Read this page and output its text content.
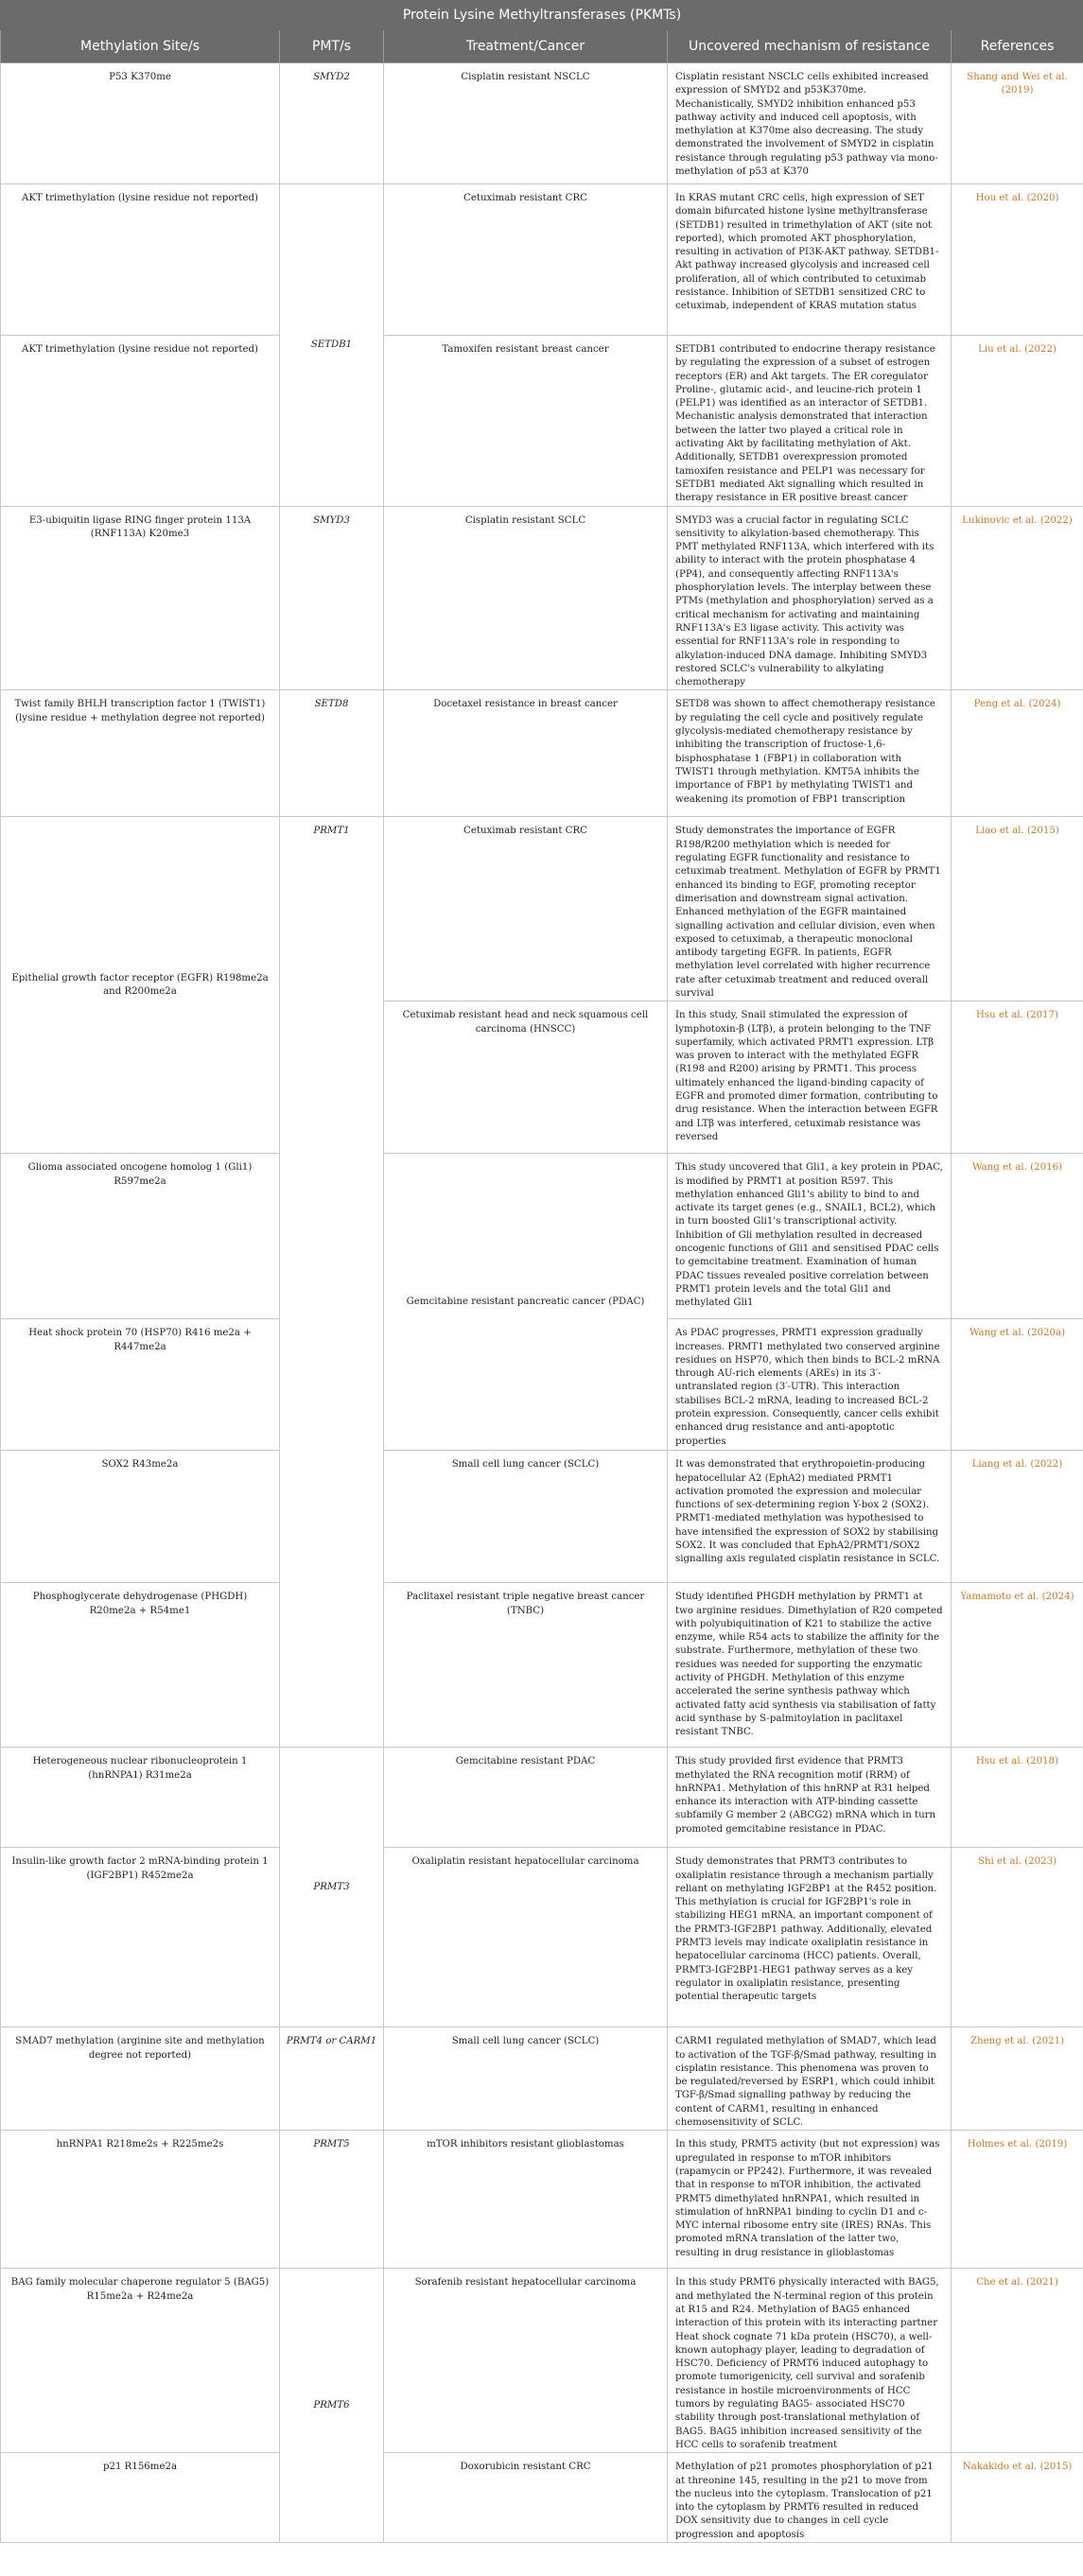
Protein Lysine Methyltransferases (PKMTs)				
Methylation Site/s	PMT/s	Treatment/Cancer	Uncovered mechanism of resistance	References
P53 K370me	SMYD2	Cisplatin resistant NSCLC	Cisplatin resistant NSCLC cells exhibited increased expression of SMYD2 and p53K370me. Mechanistically, SMYD2 inhibition enhanced p53 pathway activity and induced cell apoptosis, with methylation at K370me also decreasing. The study demonstrated the involvement of SMYD2 in cisplatin resistance through regulating p53 pathway via mono-methylation of p53 at K370	Shang and Wei et al. (2019)
AKT trimethylation (lysine residue not reported)	SETDB1	Cetuximab resistant CRC	In KRAS mutant CRC cells, high expression of SET domain bifurcated histone lysine methyltransferase (SETDB1) resulted in trimethylation of AKT (site not reported), which promoted AKT phosphorylation, resulting in activation of PI3K-AKT pathway. SETDB1-Akt pathway increased glycolysis and increased cell proliferation, all of which contributed to cetuximab resistance. Inhibition of SETDB1 sensitized CRC to cetuximab, independent of KRAS mutation status	Hou et al. (2020)
AKT trimethylation (lysine residue not reported)		Tamoxifen resistant breast cancer	SETDB1 contributed to endocrine therapy resistance by regulating the expression of a subset of estrogen receptors (ER) and Akt targets. The ER coregulator Proline-, glutamic acid-, and leucine-rich protein 1 (PELP1) was identified as an interactor of SETDB1. Mechanistic analysis demonstrated that interaction between the latter two played a critical role in activating Akt by facilitating methylation of Akt. Additionally, SETDB1 overexpression promoted tamoxifen resistance and PELP1 was necessary for SETDB1 mediated Akt signalling which resulted in therapy resistance in ER positive breast cancer	Liu et al. (2022)
E3-ubiquitin ligase RING finger protein 113A (RNF113A) K20me3	SMYD3	Cisplatin resistant SCLC	SMYD3 was a crucial factor in regulating SCLC sensitivity to alkylation-based chemotherapy. This PMT methylated RNF113A, which interfered with its ability to interact with the protein phosphatase 4 (PP4), and consequently affecting RNF113A's phosphorylation levels. The interplay between these PTMs (methylation and phosphorylation) served as a critical mechanism for activating and maintaining RNF113A's E3 ligase activity. This activity was essential for RNF113A's role in responding to alkylation-induced DNA damage. Inhibiting SMYD3 restored SCLC's vulnerability to alkylating chemotherapy	Lukinovic et al. (2022)
Twist family BHLH transcription factor 1 (TWIST1) (lysine residue + methylation degree not reported)	SETD8	Docetaxel resistance in breast cancer	SETD8 was shown to affect chemotherapy resistance by regulating the cell cycle and positively regulate glycolysis-mediated chemotherapy resistance by inhibiting the transcription of fructose-1,6-bisphosphatase 1 (FBP1) in collaboration with TWIST1 through methylation. KMT5A inhibits the importance of FBP1 by methylating TWIST1 and weakening its promotion of FBP1 transcription	Peng et al. (2024)
Epithelial growth factor receptor (EGFR) R198me2a and R200me2a	PRMT1	Cetuximab resistant CRC	Study demonstrates the importance of EGFR R198/R200 methylation which is needed for regulating EGFR functionality and resistance to cetuximab treatment. Methylation of EGFR by PRMT1 enhanced its binding to EGF, promoting receptor dimerisation and downstream signal activation. Enhanced methylation of the EGFR maintained signalling activation and cellular division, even when exposed to cetuximab, a therapeutic monoclonal antibody targeting EGFR. In patients, EGFR methylation level correlated with higher recurrence rate after cetuximab treatment and reduced overall survival	Liao et al. (2015)
		Cetuximab resistant head and neck squamous cell carcinoma (HNSCC)	In this study, Snail stimulated the expression of lymphotoxin-β (LTβ), a protein belonging to the TNF superfamily, which activated PRMT1 expression. LTβ was proven to interact with the methylated EGFR (R198 and R200) arising by PRMT1. This process ultimately enhanced the ligand-binding capacity of EGFR and promoted dimer formation, contributing to drug resistance. When the interaction between EGFR and LTβ was interfered, cetuximab resistance was reversed	Hsu et al. (2017)
Glioma associated oncogene homolog 1 (Gli1) R597me2a		Gemcitabine resistant pancreatic cancer (PDAC)	This study uncovered that Gli1, a key protein in PDAC, is modified by PRMT1 at position R597. This methylation enhanced Gli1's ability to bind to and activate its target genes (e.g., SNAIL1, BCL2), which in turn boosted Gli1's transcriptional activity. Inhibition of Gli methylation resulted in decreased oncogenic functions of Gli1 and sensitised PDAC cells to gemcitabine treatment. Examination of human PDAC tissues revealed positive correlation between PRMT1 protein levels and the total Gli1 and methylated Gli1	Wang et al. (2016)
Heat shock protein 70 (HSP70) R416 me2a + R447me2a			As PDAC progresses, PRMT1 expression gradually increases. PRMT1 methylated two conserved arginine residues on HSP70, which then binds to BCL-2 mRNA through AU-rich elements (AREs) in its 3′-untranslated region (3′-UTR). This interaction stabilises BCL-2 mRNA, leading to increased BCL-2 protein expression. Consequently, cancer cells exhibit enhanced drug resistance and anti-apoptotic properties	Wang et al. (2020a)
SOX2 R43me2a		Small cell lung cancer (SCLC)	It was demonstrated that erythropoietin-producing hepatocellular A2 (EphA2) mediated PRMT1 activation promoted the expression and molecular functions of sex-determining region Y-box 2 (SOX2). PRMT1-mediated methylation was hypothesised to have intensified the expression of SOX2 by stabilising SOX2. It was concluded that EphA2/PRMT1/SOX2 signalling axis regulated cisplatin resistance in SCLC.	Liang et al. (2022)
Phosphoglycerate dehydrogenase (PHGDH) R20me2a + R54me1		Paclitaxel resistant triple negative breast cancer (TNBC)	Study identified PHGDH methylation by PRMT1 at two arginine residues. Dimethylation of R20 competed with polyubiquitination of K21 to stabilize the active enzyme, while R54 acts to stabilize the affinity for the substrate. Furthermore, methylation of these two residues was needed for supporting the enzymatic activity of PHGDH. Methylation of this enzyme accelerated the serine synthesis pathway which activated fatty acid synthesis via stabilisation of fatty acid synthase by S-palmitoylation in paclitaxel resistant TNBC.	Yamamoto et al. (2024)
Heterogeneous nuclear ribonucleoprotein 1 (hnRNPA1) R31me2a	PRMT3	Gemcitabine resistant PDAC	This study provided first evidence that PRMT3 methylated the RNA recognition motif (RRM) of hnRNPA1. Methylation of this hnRNP at R31 helped enhance its interaction with ATP-binding cassette subfamily G member 2 (ABCG2) mRNA which in turn promoted gemcitabine resistance in PDAC.	Hsu et al. (2018)
Insulin-like growth factor 2 mRNA-binding protein 1 (IGF2BP1) R452me2a		Oxaliplatin resistant hepatocellular carcinoma	Study demonstrates that PRMT3 contributes to oxaliplatin resistance through a mechanism partially reliant on methylating IGF2BP1 at the R452 position. This methylation is crucial for IGF2BP1's role in stabilizing HEG1 mRNA, an important component of the PRMT3-IGF2BP1 pathway. Additionally, elevated PRMT3 levels may indicate oxaliplatin resistance in hepatocellular carcinoma (HCC) patients. Overall, PRMT3-IGF2BP1-HEG1 pathway serves as a key regulator in oxaliplatin resistance, presenting potential therapeutic targets	Shi et al. (2023)
SMAD7 methylation (arginine site and methylation degree not reported)	PRMT4 or CARM1	Small cell lung cancer (SCLC)	CARM1 regulated methylation of SMAD7, which lead to activation of the TGF-β/Smad pathway, resulting in cisplatin resistance. This phenomena was proven to be regulated/reversed by ESRP1, which could inhibit TGF-β/Smad signalling pathway by reducing the content of CARM1, resulting in enhanced chemosensitivity of SCLC.	Zheng et al. (2021)
hnRNPA1 R218me2s + R225me2s	PRMT5	mTOR inhibitors resistant glioblastomas	In this study, PRMT5 activity (but not expression) was upregulated in response to mTOR inhibitors (rapamycin or PP242). Furthermore, it was revealed that in response to mTOR inhibition, the activated PRMT5 dimethylated hnRNPA1, which resulted in stimulation of hnRNPA1 binding to cyclin D1 and c-MYC internal ribosome entry site (IRES) RNAs. This promoted mRNA translation of the latter two, resulting in drug resistance in glioblastomas	Holmes et al. (2019)
BAG family molecular chaperone regulator 5 (BAG5) R15me2a + R24me2a	PRMT6	Sorafenib resistant hepatocellular carcinoma	In this study PRMT6 physically interacted with BAG5, and methylated the N-terminal region of this protein at R15 and R24. Methylation of BAG5 enhanced interaction of this protein with its interacting partner Heat shock cognate 71 kDa protein (HSC70), a well- known autophagy player, leading to degradation of HSC70. Deficiency of PRMT6 induced autophagy to promote tumorigenicity, cell survival and sorafenib resistance in hostile microenvironments of HCC tumors by regulating BAG5- associated HSC70 stability through post-translational methylation of BAG5. BAG5 inhibition increased sensitivity of the HCC cells to sorafenib treatment	Che et al. (2021)
p21 R156me2a		Doxorubicin resistant CRC	Methylation of p21 promotes phosphorylation of p21 at threonine 145, resulting in the p21 to move from the nucleus into the cytoplasm. Translocation of p21 into the cytoplasm by PRMT6 resulted in reduced DOX sensitivity due to changes in cell cycle progression and apoptosis	Nakakido et al. (2015)
